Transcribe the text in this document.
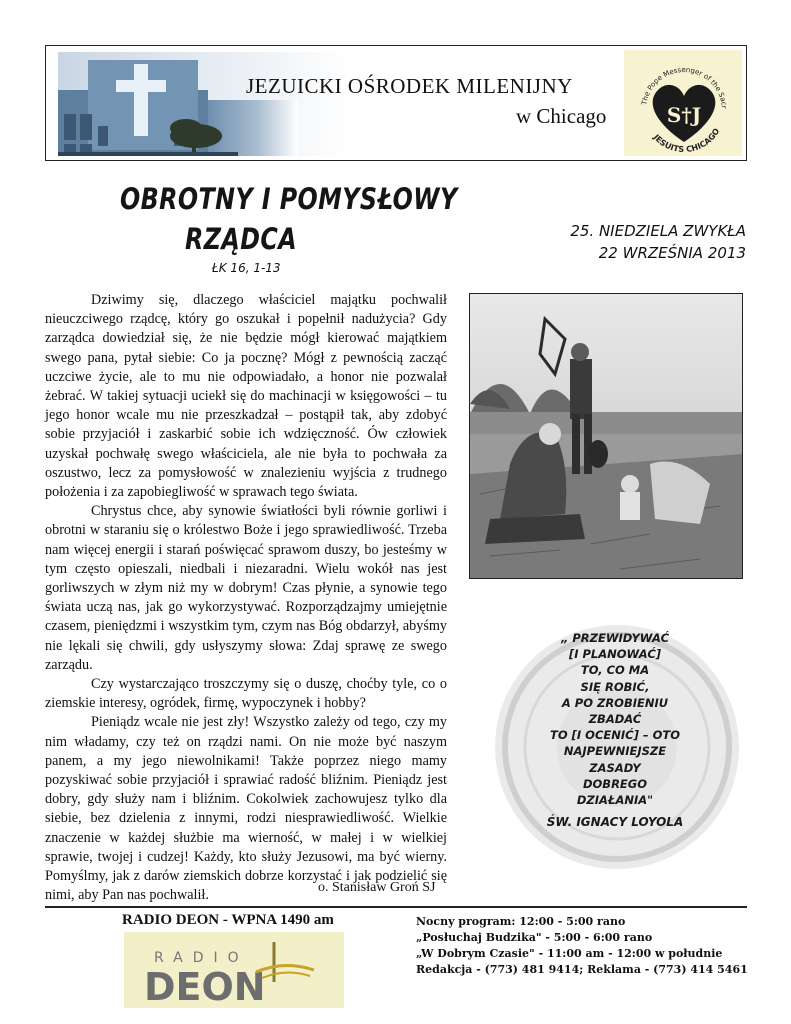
JEZUICKI OŚRODEK MILENIJNY
w Chicago
The Pope Messenger of the Sacr
JESUITS CHICAGO
S†J
OBROTNY I POMYSŁOWY
RZĄDCA
ŁK 16, 1-13
25. NIEDZIELA ZWYKŁA
22 WRZEŚNIA 2013

Dziwimy się, dlaczego właściciel majątku pochwalił nieuczciwego rządcę, który go oszukał i popełnił nadużycia? Gdy zarządca dowiedział się, że nie będzie mógł kierować majątkiem swego pana, pytał siebie: Co ja pocznę? Mógł z pewnością zacząć uczciwe życie, ale to mu nie odpowiadało, a honor nie pozwalał żebrać. W takiej sytuacji uciekł się do machinacji w księgowości – tu jego honor wcale mu nie przeszkadzał – postąpił tak, aby zdobyć sobie przyjaciół i zaskarbić sobie ich wdzięczność. Ów człowiek uzyskał pochwałę swego właściciela, ale nie była to pochwała za oszustwo, lecz za pomysłowość w znalezieniu wyjścia z trudnego położenia i za zapobiegliwość w sprawach tego świata.

Chrystus chce, aby synowie światłości byli równie gorliwi i obrotni w staraniu się o królestwo Boże i jego sprawiedliwość. Trzeba nam więcej energii i starań poświęcać sprawom duszy, bo jesteśmy w tym często opieszali, niedbali i niezaradni. Wielu wokół nas jest gorliwszych w złym niż my w dobrym! Czas płynie, a synowie tego świata uczą nas, jak go wykorzystywać. Rozporządzajmy umiejętnie czasem, pieniędzmi i wszystkim tym, czym nas Bóg obdarzył, abyśmy nie lękali się chwili, gdy usłyszymy słowa: Zdaj sprawę ze swego zarządu.

Czy wystarczająco troszczymy się o duszę, choćby tyle, co o ziemskie interesy, ogródek, firmę, wypoczynek i hobby?

Pieniądz wcale nie jest zły! Wszystko zależy od tego, czy my nim władamy, czy też on rządzi nami. On nie może być naszym panem, a my jego niewolnikami! Także poprzez niego mamy pozyskiwać sobie przyjaciół i sprawiać radość bliźnim. Pieniądz jest dobry, gdy służy nam i bliźnim. Cokolwiek zachowujesz tylko dla siebie, bez dzielenia z innymi, rodzi niesprawiedliwość. Wielkie znaczenie w każdej służbie ma wierność, w małej i w wielkiej sprawie, twojej i cudzej! Każdy, kto służy Jezusowi, ma być wierny. Pomyślmy, jak z darów ziemskich dobrze korzystać i jak podzielić się nimi, aby Pan nas pochwalił.	o. Stanisław Groń SJ
„ PRZEWIDYWAĆ
[I PLANOWAĆ]
TO, CO MA
SIĘ ROBIĆ,
A PO ZROBIENIU
ZBADAĆ
TO [I OCENIĆ] – OTO
NAJPEWNIEJSZE
ZASADY
DOBREGO
DZIAŁANIA"
ŚW. IGNACY LOYOLA
RADIO DEON - WPNA 1490 am
RADIO
DEON
Nocny program: 12:00 - 5:00 rano
„Posłuchaj Budzika" - 5:00 - 6:00 rano
„W Dobrym Czasie" - 11:00 am - 12:00 w południe
Redakcja - (773) 481 9414; Reklama - (773) 414 5461
